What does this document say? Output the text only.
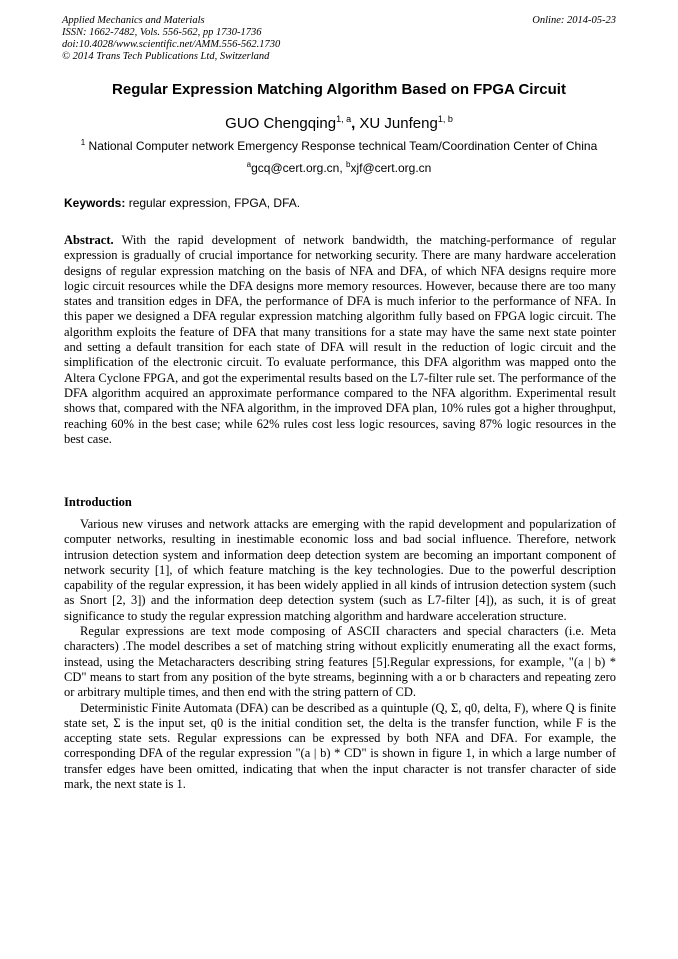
Applied Mechanics and Materials
ISSN: 1662-7482, Vols. 556-562, pp 1730-1736
doi:10.4028/www.scientific.net/AMM.556-562.1730
© 2014 Trans Tech Publications Ltd, Switzerland
Online: 2014-05-23
Regular Expression Matching Algorithm Based on FPGA Circuit
GUO Chengqing$^{1, a}$, XU Junfeng$^{1, b}$
$^1$ National Computer network Emergency Response technical Team/Coordination Center of China
$^a$gcq@cert.org.cn, $^b$xjf@cert.org.cn
Keywords: regular expression, FPGA, DFA.

Abstract. With the rapid development of network bandwidth, the matching-performance of regular expression is gradually of crucial importance for networking security. There are many hardware acceleration designs of regular expression matching on the basis of NFA and DFA, of which NFA designs require more logic circuit resources while the DFA designs more memory resources. However, because there are too many states and transition edges in DFA, the performance of DFA is much inferior to the performance of NFA. In this paper we designed a DFA regular expression matching algorithm fully based on FPGA logic circuit. The algorithm exploits the feature of DFA that many transitions for a state may have the same next state pointer and setting a default transition for each state of DFA will result in the reduction of logic circuit and the simplification of the electronic circuit. To evaluate performance, this DFA algorithm was mapped onto the Altera Cyclone FPGA, and got the experimental results based on the L7-filter rule set. The performance of the DFA algorithm acquired an approximate performance compared to the NFA algorithm. Experimental result shows that, compared with the NFA algorithm, in the improved DFA plan, 10% rules got a higher throughput, reaching 60% in the best case; while 62% rules cost less logic resources, saving 87% logic resources in the best case.

Introduction

Various new viruses and network attacks are emerging with the rapid development and popularization of computer networks, resulting in inestimable economic loss and bad social influence. Therefore, network intrusion detection system and information deep detection system are becoming an important component of network security [1], of which feature matching is the key technologies. Due to the powerful description capability of the regular expression, it has been widely applied in all kinds of intrusion detection system (such as Snort [2, 3]) and the information deep detection system (such as L7-filter [4]), as such, it is of great significance to study the regular expression matching algorithm and hardware acceleration structure.

Regular expressions are text mode composing of ASCII characters and special characters (i.e. Meta characters) .The model describes a set of matching string without explicitly enumerating all the exact forms, instead, using the Metacharacters describing string features [5].Regular expressions, for example, "(a | b) * CD" means to start from any position of the byte streams, beginning with a or b characters and repeating zero or arbitrary multiple times, and then end with the string pattern of CD.

Deterministic Finite Automata (DFA) can be described as a quintuple (Q, Σ, q0, delta, F), where Q is finite state set, Σ is the input set, q0 is the initial condition set, the delta is the transfer function, while F is the accepting state sets. Regular expressions can be expressed by both NFA and DFA. For example, the corresponding DFA of the regular expression "(a | b) * CD" is shown in figure 1, in which a large number of transfer edges have been omitted, indicating that when the input character is not transfer character of side mark, the next state is 1.
